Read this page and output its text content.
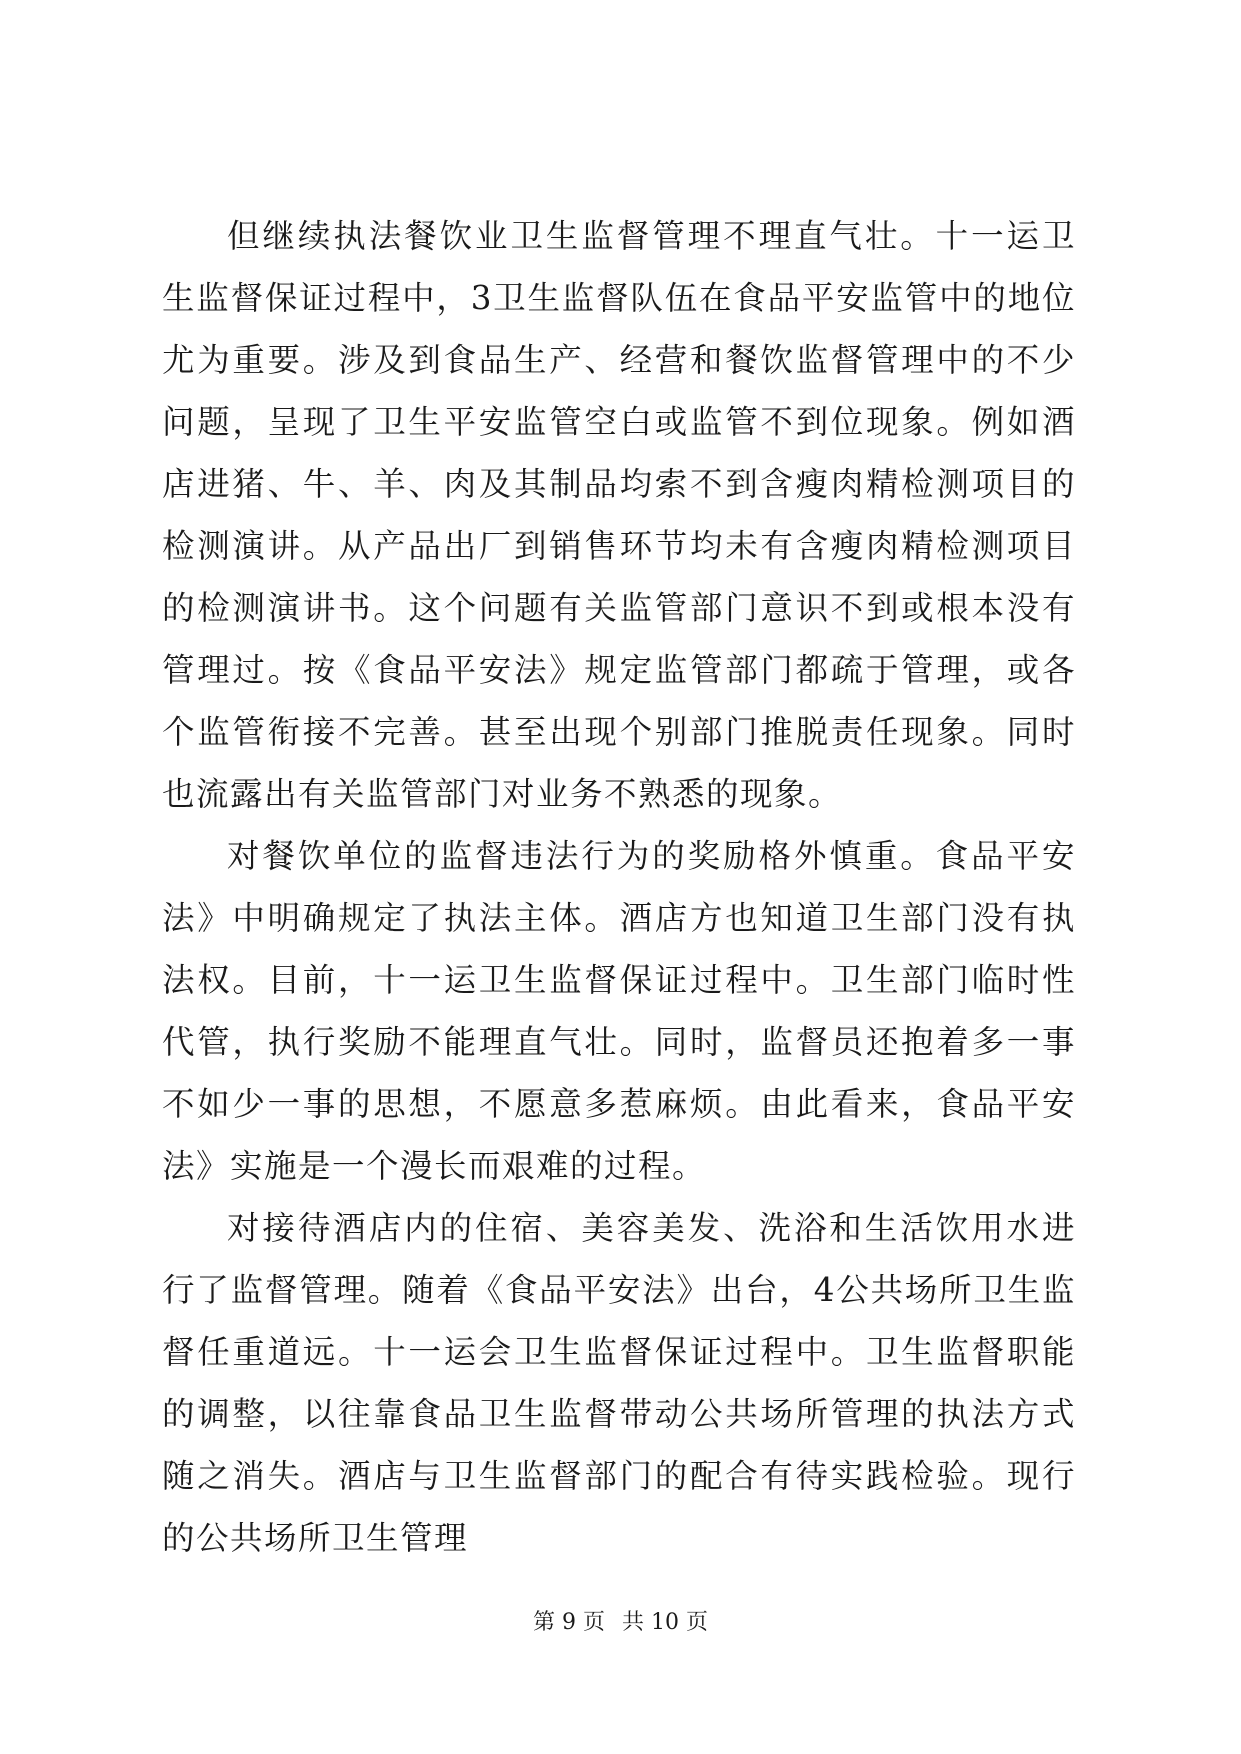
但继续执法餐饮业卫生监督管理不理直气壮。十一运卫生监督保证过程中，3卫生监督队伍在食品平安监管中的地位尤为重要。涉及到食品生产、经营和餐饮监督管理中的不少问题，呈现了卫生平安监管空白或监管不到位现象。例如酒店进猪、牛、羊、肉及其制品均索不到含瘦肉精检测项目的检测演讲。从产品出厂到销售环节均未有含瘦肉精检测项目的检测演讲书。这个问题有关监管部门意识不到或根本没有管理过。按《食品平安法》规定监管部门都疏于管理，或各个监管衔接不完善。甚至出现个别部门推脱责任现象。同时也流露出有关监管部门对业务不熟悉的现象。

对餐饮单位的监督违法行为的奖励格外慎重。食品平安法》中明确规定了执法主体。酒店方也知道卫生部门没有执法权。目前，十一运卫生监督保证过程中。卫生部门临时性代管，执行奖励不能理直气壮。同时，监督员还抱着多一事不如少一事的思想，不愿意多惹麻烦。由此看来，食品平安法》实施是一个漫长而艰难的过程。

对接待酒店内的住宿、美容美发、洗浴和生活饮用水进行了监督管理。随着《食品平安法》出台，4公共场所卫生监督任重道远。十一运会卫生监督保证过程中。卫生监督职能的调整，以往靠食品卫生监督带动公共场所管理的执法方式随之消失。酒店与卫生监督部门的配合有待实践检验。现行的公共场所卫生管理

第 9 页 共 10 页
